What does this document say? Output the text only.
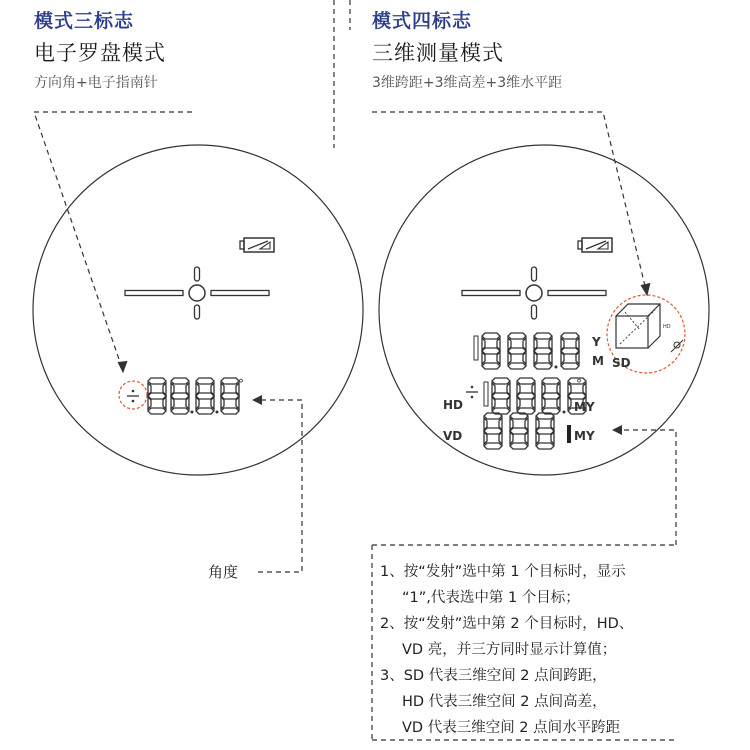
模式三标志
电子罗盘模式
方向角+电子指南针
模式四标志
三维测量模式
3维跨距+3维高差+3维水平距
°
HD
SD
Y
M
HD
°
MY
VD	MY
角度	1、按“发射”选中第 1 个目标时，显示
“1”,代表选中第 1 个目标；
2、按“发射”选中第 2 个目标时，HD、
VD 亮，并三方同时显示计算值；
3、SD 代表三维空间 2 点间跨距，
HD 代表三维空间 2 点间高差，
VD 代表三维空间 2 点间水平跨距
